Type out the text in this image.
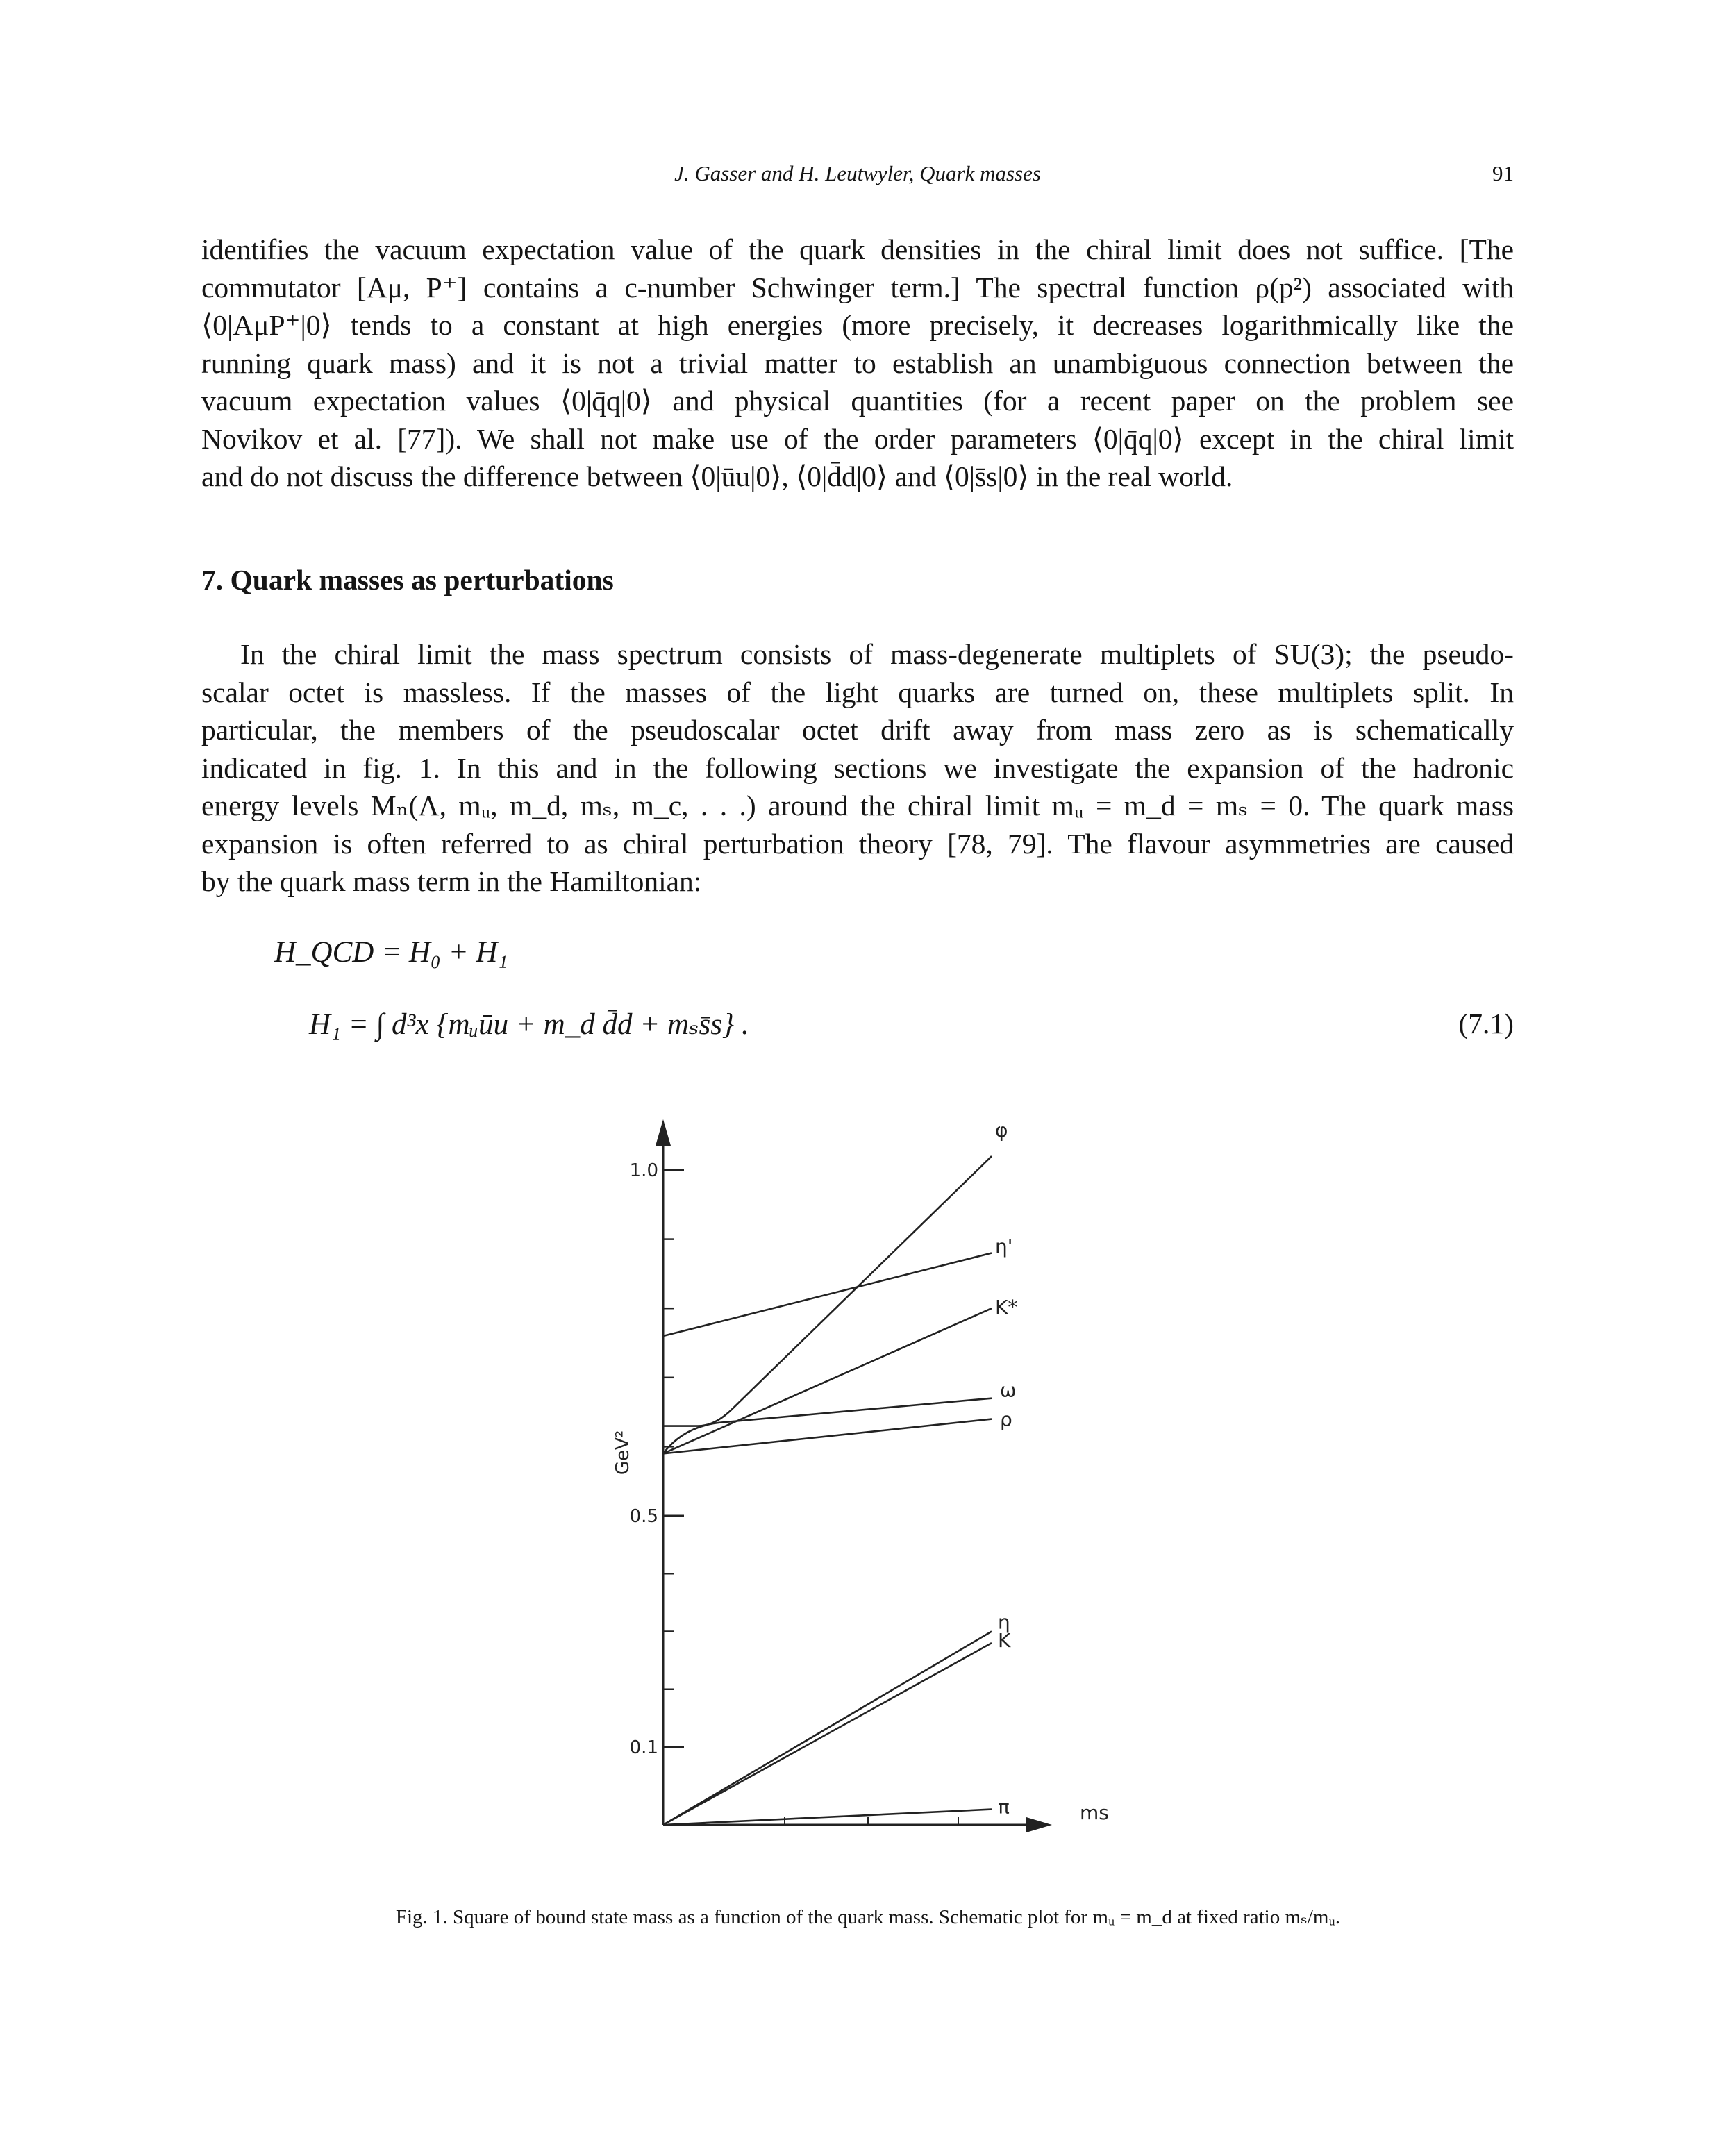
J. Gasser and H. Leutwyler, Quark masses	91

identifies the vacuum expectation value of the quark densities in the chiral limit does not suffice. [The
commutator [Aμ, P⁺] contains a c-number Schwinger term.] The spectral function ρ(p²) associated with
⟨0|AμP⁺|0⟩ tends to a constant at high energies (more precisely, it decreases logarithmically like the
running quark mass) and it is not a trivial matter to establish an unambiguous connection between the
vacuum expectation values ⟨0|q̄q|0⟩ and physical quantities (for a recent paper on the problem see
Novikov et al. [77]). We shall not make use of the order parameters ⟨0|q̄q|0⟩ except in the chiral limit
and do not discuss the difference between ⟨0|ūu|0⟩, ⟨0|d̄d|0⟩ and ⟨0|s̄s|0⟩ in the real world.

7. Quark masses as perturbations

In the chiral limit the mass spectrum consists of mass-degenerate multiplets of SU(3); the pseudo-
scalar octet is massless. If the masses of the light quarks are turned on, these multiplets split. In
particular, the members of the pseudoscalar octet drift away from mass zero as is schematically
indicated in fig. 1. In this and in the following sections we investigate the expansion of the hadronic
energy levels Mₙ(Λ, mᵤ, m_d, mₛ, m_c, . . .) around the chiral limit mᵤ = m_d = mₛ = 0. The quark mass
expansion is often referred to as chiral perturbation theory [78, 79]. The flavour asymmetries are caused
by the quark mass term in the Hamiltonian:

H_QCD = H₀ + H₁
H₁ = ∫ d³x {mᵤūu + m_d d̄d + mₛs̄s} .	(7.1)
1.0
0.5
0.1
φ
η'
K*
ω
ρ
η
K
π
GeV²
ms
Fig. 1. Square of bound state mass as a function of the quark mass. Schematic plot for mᵤ = m_d at fixed ratio mₛ/mᵤ.
